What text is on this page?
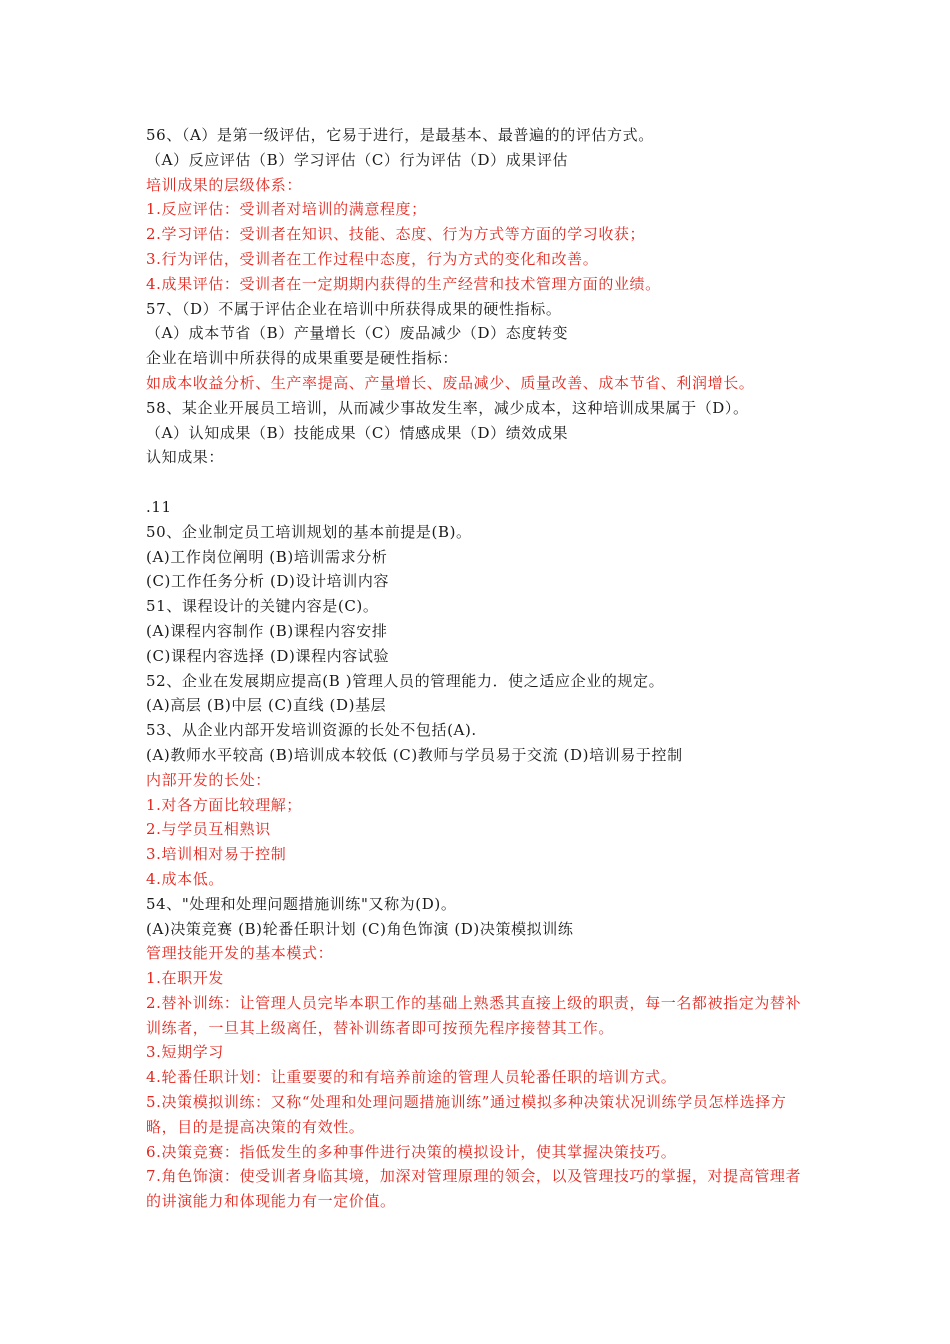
56、（A）是第一级评估，它易于进行，是最基本、最普遍的的评估方式。
（A）反应评估（B）学习评估（C）行为评估（D）成果评估
培训成果的层级体系：
1.反应评估：受训者对培训的满意程度；
2.学习评估：受训者在知识、技能、态度、行为方式等方面的学习收获；
3.行为评估，受训者在工作过程中态度，行为方式的变化和改善。
4.成果评估：受训者在一定期期内获得的生产经营和技术管理方面的业绩。
57、（D）不属于评估企业在培训中所获得成果的硬性指标。
（A）成本节省（B）产量增长（C）废品减少（D）态度转变
企业在培训中所获得的成果重要是硬性指标：
如成本收益分析、生产率提高、产量增长、废品减少、质量改善、成本节省、利润增长。
58、某企业开展员工培训，从而减少事故发生率，减少成本，这种培训成果属于（D）。
（A）认知成果（B）技能成果（C）情感成果（D）绩效成果
认知成果：
.11
50、企业制定员工培训规划的基本前提是(B)。
(A)工作岗位阐明 (B)培训需求分析
(C)工作任务分析 (D)设计培训内容
51、课程设计的关键内容是(C)。
(A)课程内容制作 (B)课程内容安排
(C)课程内容选择 (D)课程内容试验
52、企业在发展期应提高(B )管理人员的管理能力．使之适应企业的规定。
(A)高层 (B)中层 (C)直线 (D)基层
53、从企业内部开发培训资源的长处不包括(A).
(A)教师水平较高 (B)培训成本较低 (C)教师与学员易于交流 (D)培训易于控制
内部开发的长处：
1.对各方面比较理解；
2.与学员互相熟识
3.培训相对易于控制
4.成本低。
54、"处理和处理问题措施训练"又称为(D)。
(A)决策竞赛 (B)轮番任职计划 (C)角色饰演 (D)决策模拟训练
管理技能开发的基本模式：
1.在职开发
2.替补训练：让管理人员完毕本职工作的基础上熟悉其直接上级的职责，每一名都被指定为替补训练者，一旦其上级离任，替补训练者即可按预先程序接替其工作。
3.短期学习
4.轮番任职计划：让重要要的和有培养前途的管理人员轮番任职的培训方式。
5.决策模拟训练：又称“处理和处理问题措施训练”通过模拟多种决策状况训练学员怎样选择方略，目的是提高决策的有效性。
6.决策竞赛：指低发生的多种事件进行决策的模拟设计，使其掌握决策技巧。
7.角色饰演：使受训者身临其境，加深对管理原理的领会，以及管理技巧的掌握，对提高管理者的讲演能力和体现能力有一定价值。
